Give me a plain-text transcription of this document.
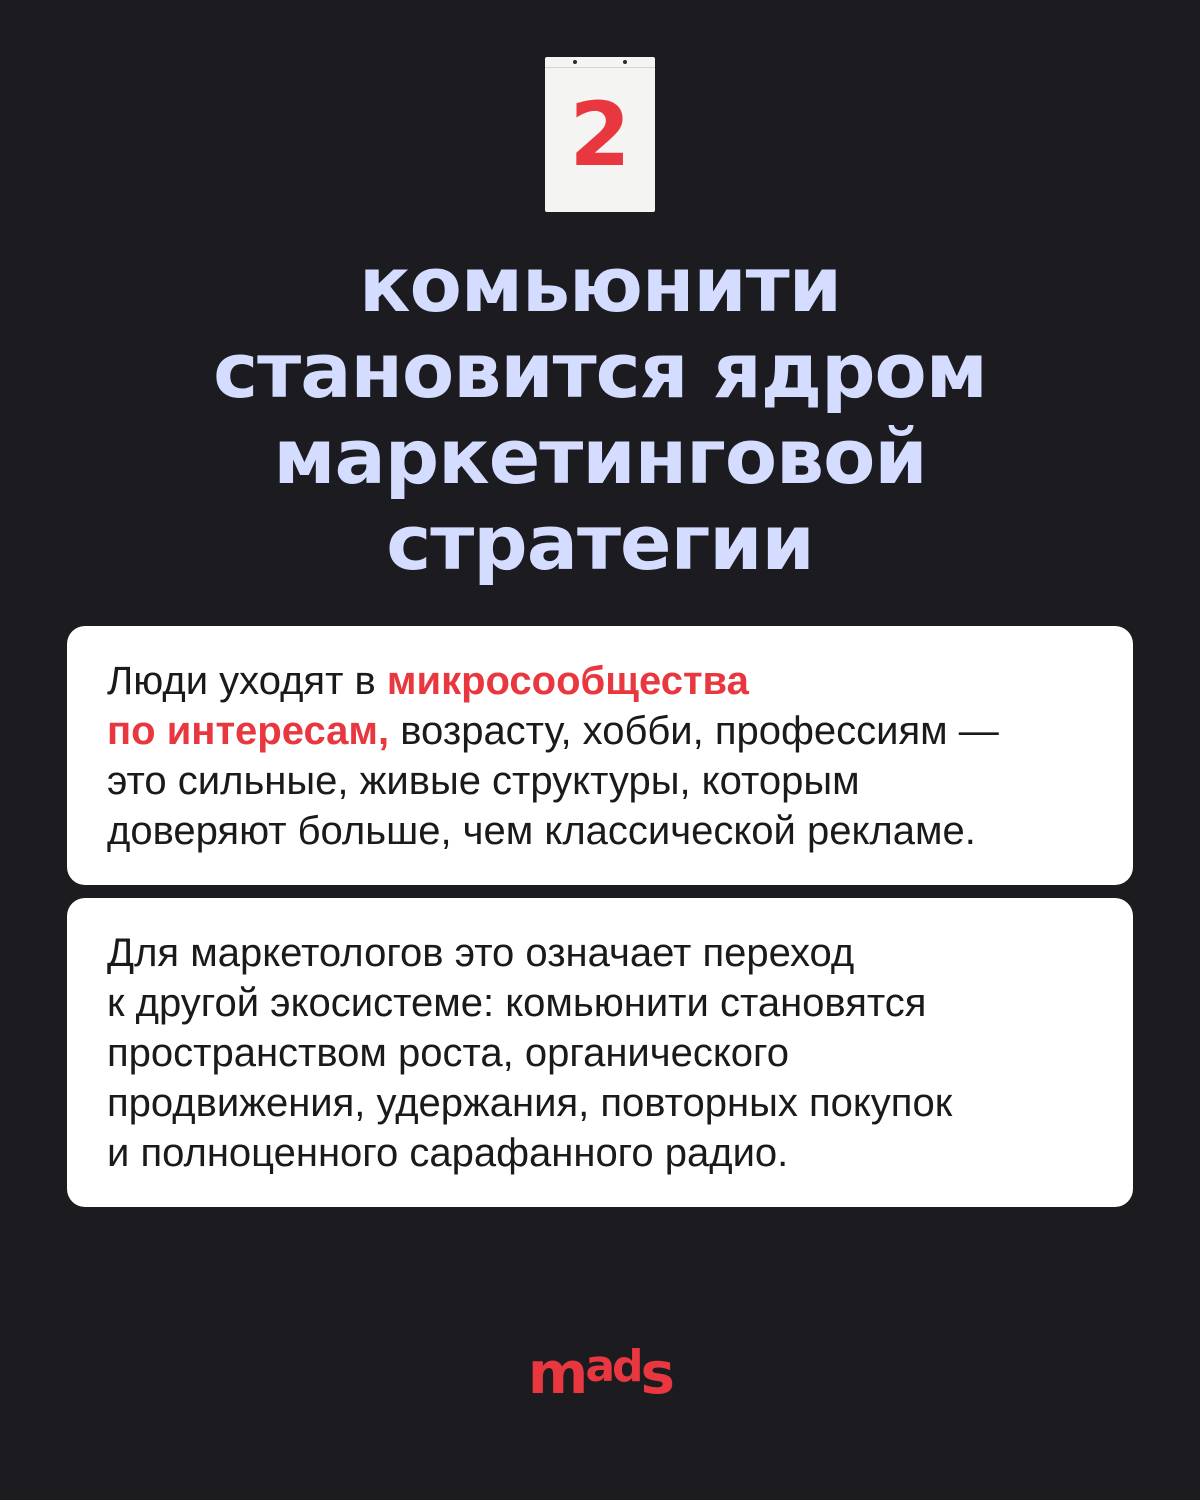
2
комьюнити
становится ядром
маркетинговой
стратегии
Люди уходят в микросообщества
по интересам, возрасту, хобби, профессиям —
это сильные, живые структуры, которым
доверяют больше, чем классической рекламе.
Для маркетологов это означает переход
к другой экосистеме: комьюнити становятся
пространством роста, органического
продвижения, удержания, повторных покупок
и полноценного сарафанного радио.
$m^{ad}s$
